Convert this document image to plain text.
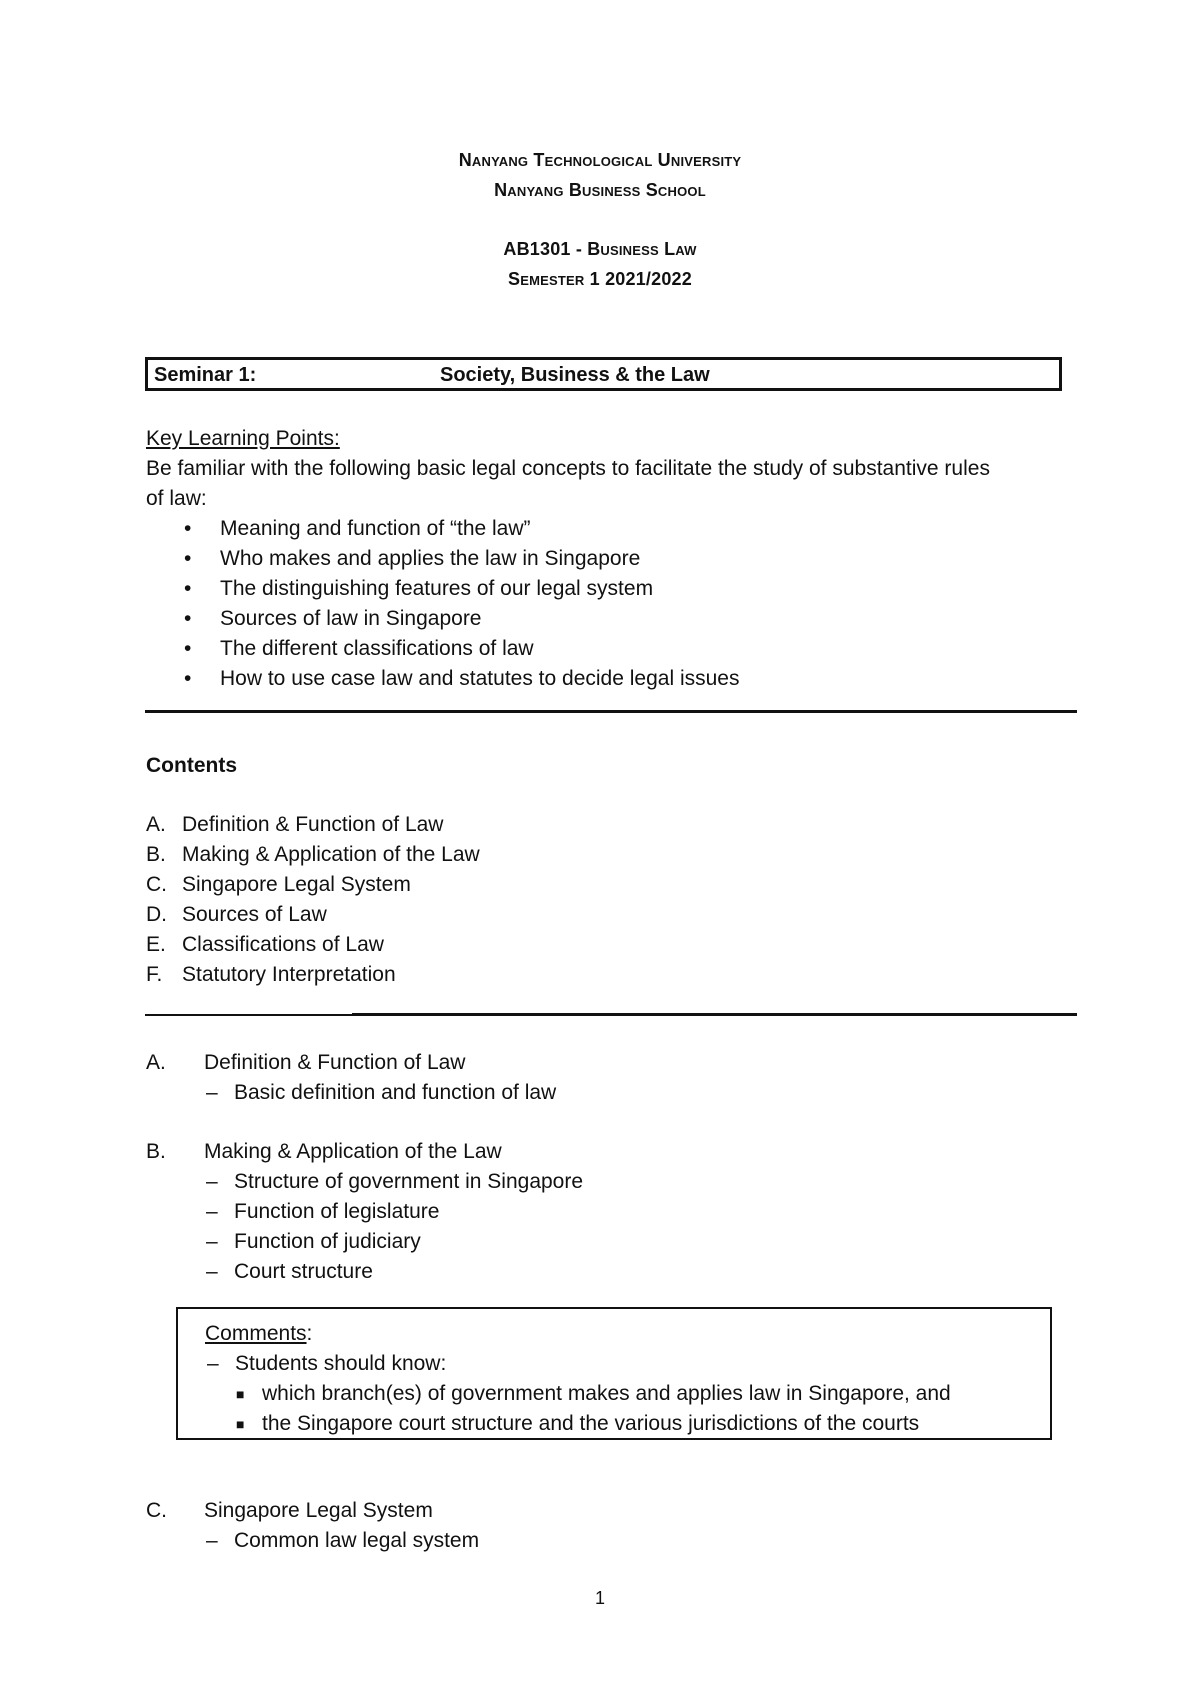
Nanyang Technological University
Nanyang Business School
AB1301 - Business Law
Semester 1 2021/2022
Seminar 1:	Society, Business & the Law
Key Learning Points:
Be familiar with the following basic legal concepts to facilitate the study of substantive rules
of law:
• Meaning and function of “the law”
• Who makes and applies the law in Singapore
• The distinguishing features of our legal system
• Sources of law in Singapore
• The different classifications of law
• How to use case law and statutes to decide legal issues
Contents
A. Definition & Function of Law
B. Making & Application of the Law
C. Singapore Legal System
D. Sources of Law
E. Classifications of Law
F. Statutory Interpretation
A. Definition & Function of Law
– Basic definition and function of law
B. Making & Application of the Law
– Structure of government in Singapore
– Function of legislature
– Function of judiciary
– Court structure
Comments:
– Students should know:
■ which branch(es) of government makes and applies law in Singapore, and
■ the Singapore court structure and the various jurisdictions of the courts
C. Singapore Legal System
– Common law legal system
1
